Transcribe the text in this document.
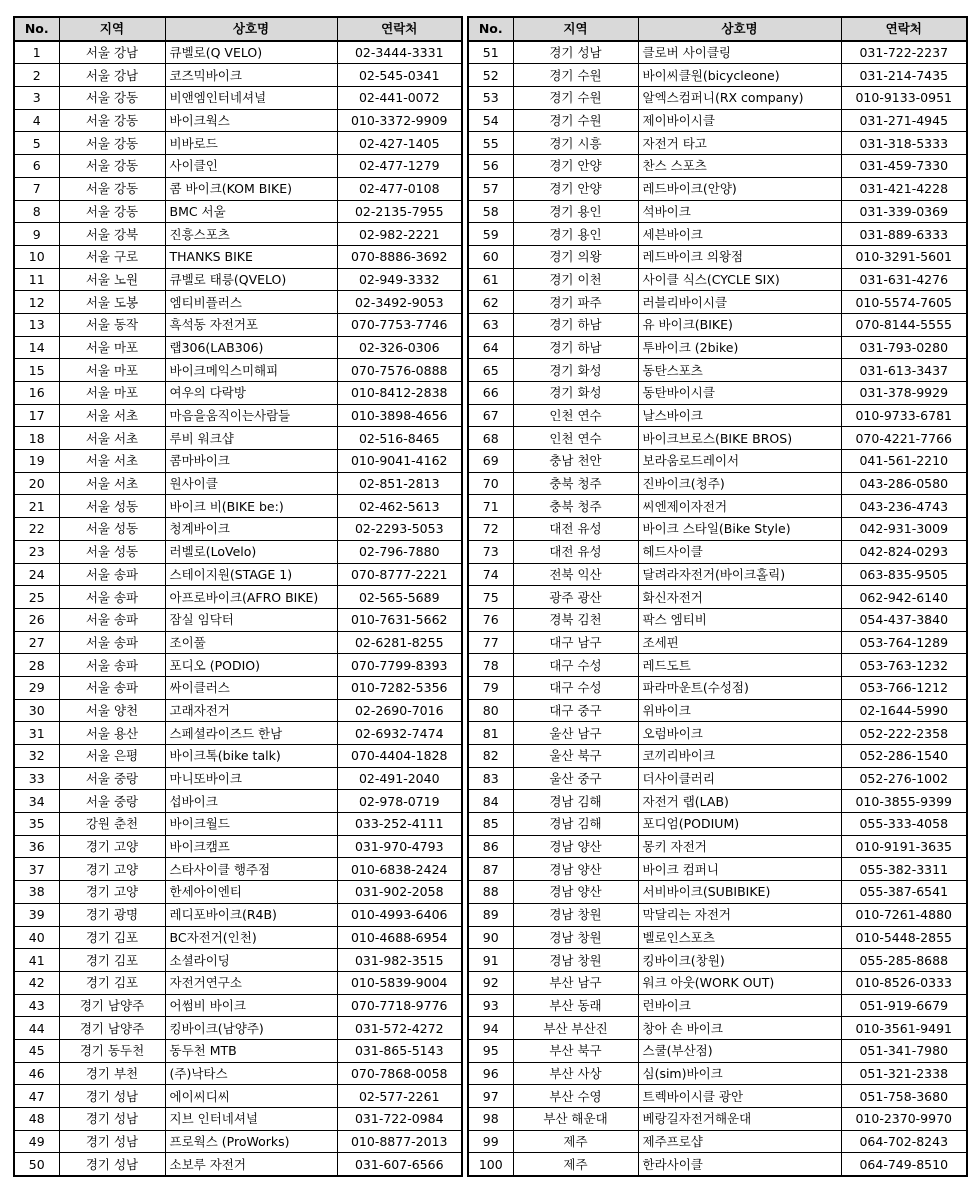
No.	지역	상호명	연락처
1	서울 강남	큐벨로(Q VELO)	02-3444-3331
2	서울 강남	코즈믹바이크	02-545-0341
3	서울 강동	비앤엠인터네셔널	02-441-0072
4	서울 강동	바이크웍스	010-3372-9909
5	서울 강동	비바로드	02-427-1405
6	서울 강동	사이클인	02-477-1279
7	서울 강동	콤 바이크(KOM BIKE)	02-477-0108
8	서울 강동	BMC 서울	02-2135-7955
9	서울 강북	진흥스포츠	02-982-2221
10	서울 구로	THANKS BIKE	070-8886-3692
11	서울 노원	큐벨로 태릉(QVELO)	02-949-3332
12	서울 도봉	엠티비플러스	02-3492-9053
13	서울 동작	흑석동 자전거포	070-7753-7746
14	서울 마포	랩306(LAB306)	02-326-0306
15	서울 마포	바이크메익스미해피	070-7576-0888
16	서울 마포	여우의 다락방	010-8412-2838
17	서울 서초	마음을움직이는사람들	010-3898-4656
18	서울 서초	루비 워크샵	02-516-8465
19	서울 서초	콤마바이크	010-9041-4162
20	서울 서초	원사이클	02-851-2813
21	서울 성동	바이크 비(BIKE be:)	02-462-5613
22	서울 성동	청계바이크	02-2293-5053
23	서울 성동	러벨로(LoVelo)	02-796-7880
24	서울 송파	스테이지원(STAGE 1)	070-8777-2221
25	서울 송파	아프로바이크(AFRO BIKE)	02-565-5689
26	서울 송파	잠실 임닥터	010-7631-5662
27	서울 송파	조이풀	02-6281-8255
28	서울 송파	포디오 (PODIO)	070-7799-8393
29	서울 송파	싸이클러스	010-7282-5356
30	서울 양천	고래자전거	02-2690-7016
31	서울 용산	스페셜라이즈드 한남	02-6932-7474
32	서울 은평	바이크톡(bike talk)	070-4404-1828
33	서울 중랑	마니또바이크	02-491-2040
34	서울 중랑	섭바이크	02-978-0719
35	강원 춘천	바이크월드	033-252-4111
36	경기 고양	바이크캠프	031-970-4793
37	경기 고양	스타사이클 행주점	010-6838-2424
38	경기 고양	한세아이엔티	031-902-2058
39	경기 광명	레디포바이크(R4B)	010-4993-6406
40	경기 김포	BC자전거(인천)	010-4688-6954
41	경기 김포	소셜라이딩	031-982-3515
42	경기 김포	자전거연구소	010-5839-9004
43	경기 남양주	어썸비 바이크	070-7718-9776
44	경기 남양주	킹바이크(남양주)	031-572-4272
45	경기 동두천	동두천 MTB	031-865-5143
46	경기 부천	(주)낙타스	070-7868-0058
47	경기 성남	에이씨디씨	02-577-2261
48	경기 성남	지브 인터네셔널	031-722-0984
49	경기 성남	프로웍스 (ProWorks)	010-8877-2013
50	경기 성남	소보루 자전거	031-607-6566
No.	지역	상호명	연락처
51	경기 성남	클로버 사이클링	031-722-2237
52	경기 수원	바이씨클원(bicycleone)	031-214-7435
53	경기 수원	알엑스컴퍼니(RX company)	010-9133-0951
54	경기 수원	제이바이시클	031-271-4945
55	경기 시흥	자전거 타고	031-318-5333
56	경기 안양	찬스 스포츠	031-459-7330
57	경기 안양	레드바이크(안양)	031-421-4228
58	경기 용인	석바이크	031-339-0369
59	경기 용인	세븐바이크	031-889-6333
60	경기 의왕	레드바이크 의왕점	010-3291-5601
61	경기 이천	사이클 식스(CYCLE SIX)	031-631-4276
62	경기 파주	러블리바이시클	010-5574-7605
63	경기 하남	유 바이크(BIKE)	070-8144-5555
64	경기 하남	투바이크 (2bike)	031-793-0280
65	경기 화성	동탄스포츠	031-613-3437
66	경기 화성	동탄바이시클	031-378-9929
67	인천 연수	날스바이크	010-9733-6781
68	인천 연수	바이크브로스(BIKE BROS)	070-4221-7766
69	충남 천안	보라움로드레이서	041-561-2210
70	충북 청주	진바이크(청주)	043-286-0580
71	충북 청주	씨엔제이자전거	043-236-4743
72	대전 유성	바이크 스타일(Bike Style)	042-931-3009
73	대전 유성	헤드사이클	042-824-0293
74	전북 익산	달려라자전거(바이크홀릭)	063-835-9505
75	광주 광산	화신자전거	062-942-6140
76	경북 김천	팍스 엠티비	054-437-3840
77	대구 남구	조세핀	053-764-1289
78	대구 수성	레드도트	053-763-1232
79	대구 수성	파라마운트(수성점)	053-766-1212
80	대구 중구	위바이크	02-1644-5990
81	울산 남구	오럼바이크	052-222-2358
82	울산 북구	코끼리바이크	052-286-1540
83	울산 중구	더사이클러리	052-276-1002
84	경남 김해	자전거 랩(LAB)	010-3855-9399
85	경남 김해	포디엄(PODIUM)	055-333-4058
86	경남 양산	몽키 자전거	010-9191-3635
87	경남 양산	바이크 컴퍼니	055-382-3311
88	경남 양산	서비바이크(SUBIBIKE)	055-387-6541
89	경남 창원	막달리는 자전거	010-7261-4880
90	경남 창원	벨로인스포츠	010-5448-2855
91	경남 창원	킹바이크(창원)	055-285-8688
92	부산 남구	워크 아웃(WORK OUT)	010-8526-0333
93	부산 동래	런바이크	051-919-6679
94	부산 부산진	창아 손 바이크	010-3561-9491
95	부산 북구	스쿨(부산점)	051-341-7980
96	부산 사상	심(sim)바이크	051-321-2338
97	부산 수영	트렉바이시클 광안	051-758-3680
98	부산 해운대	베랑길자전거해운대	010-2370-9970
99	제주	제주프로샵	064-702-8243
100	제주	한라사이클	064-749-8510
